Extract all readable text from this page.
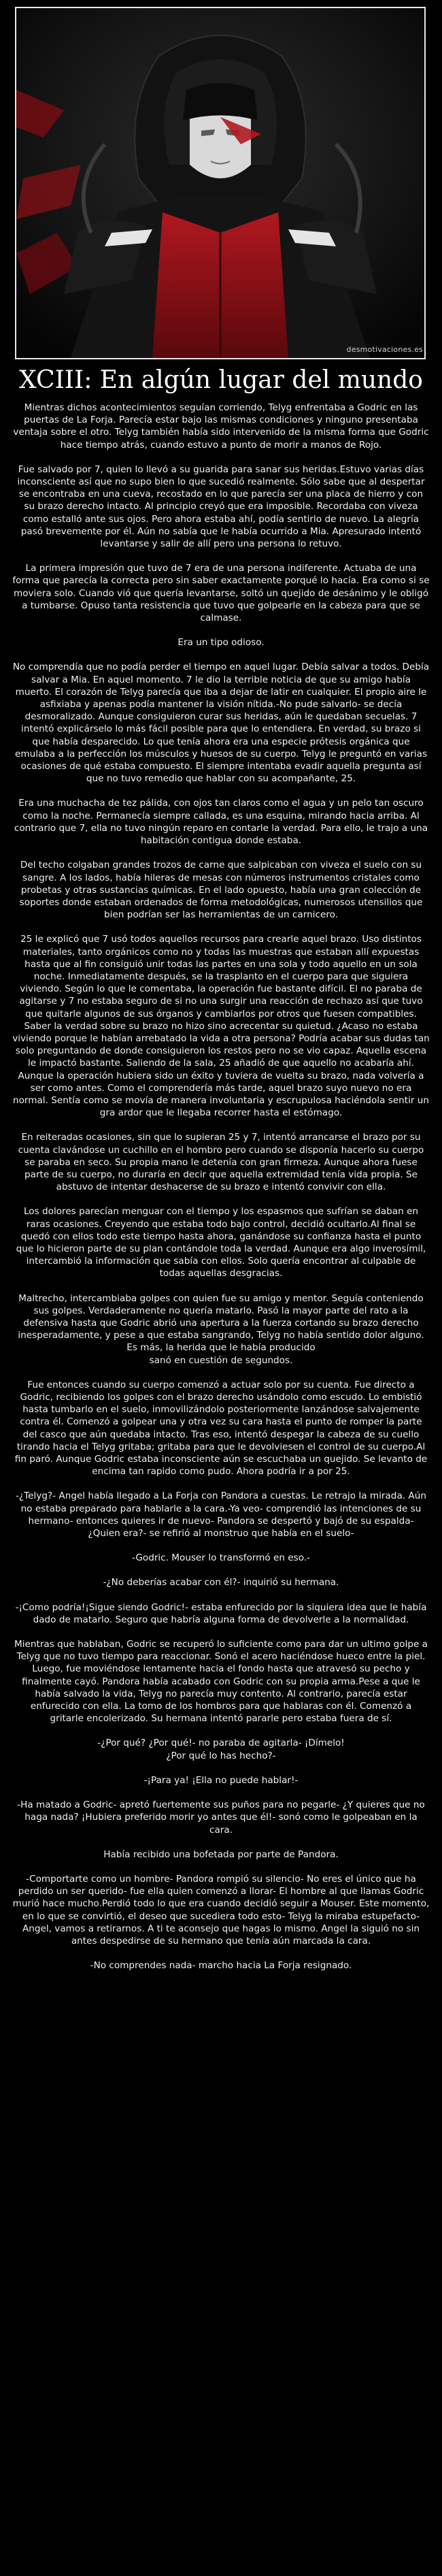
desmotivaciones.es
XCIII: En algún lugar del mundo

Mientras dichos acontecimientos seguían corriendo, Telyg enfrentaba a Godric en las puertas de La Forja. Parecía estar bajo las mismas condiciones y ninguno presentaba ventaja sobre el otro. Telyg también había sido intervenido de la misma forma que Godric hace tiempo atrás, cuando estuvo a punto de morir a manos de Rojo.

Fue salvado por 7, quien lo llevó a su guarida para sanar sus heridas.Estuvo varias días inconsciente así que no supo bien lo que sucedió realmente. Sólo sabe que al despertar se encontraba en una cueva, recostado en lo que parecía ser una placa de hierro y con su brazo derecho intacto. Al principio creyó que era imposible. Recordaba con viveza como estalló ante sus ojos. Pero ahora estaba ahí, podía sentirlo de nuevo. La alegría pasó brevemente por él. Aún no sabía que le había ocurrido a Mia. Apresurado intentó levantarse y salir de allí pero una persona lo retuvo.

La primera impresión que tuvo de 7 era de una persona indiferente. Actuaba de una forma que parecía la correcta pero sin saber exactamente porqué lo hacía. Era como si se moviera solo. Cuando vió que quería levantarse, soltó un quejido de desánimo y le obligó a tumbarse. Opuso tanta resistencia que tuvo que golpearle en la cabeza para que se calmase.

Era un tipo odioso.

No comprendía que no podía perder el tiempo en aquel lugar. Debía salvar a todos. Debía salvar a Mia. En aquel momento. 7 le dio la terrible noticia de que su amigo había muerto. El corazón de Telyg parecía que iba a dejar de latir en cualquier. El propio aire le asfixiaba y apenas podía mantener la visión nítida.-No pude salvarlo- se decía desmoralizado. Aunque consiguieron curar sus heridas, aún le quedaban secuelas. 7 intentó explicárselo lo más fácil posible para que lo entendiera. En verdad, su brazo si que había desparecido. Lo que tenía ahora era una especie prótesis orgánica que emulaba a la perfección los músculos y huesos de su cuerpo. Telyg le preguntó en varias ocasiones de qué estaba compuesto. El siempre intentaba evadir aquella pregunta así que no tuvo remedio que hablar con su acompañante, 25.

Era una muchacha de tez pálida, con ojos tan claros como el agua y un pelo tan oscuro como la noche. Permanecía siempre callada, es una esquina, mirando hacia arriba. Al contrario que 7, ella no tuvo ningún reparo en contarle la verdad. Para ello, le trajo a una habitación contigua donde estaba.

Del techo colgaban grandes trozos de carne que salpicaban con viveza el suelo con su sangre. A los lados, había hileras de mesas con números instrumentos cristales como probetas y otras sustancias químicas. En el lado opuesto, había una gran colección de soportes donde estaban ordenados de forma metodológicas, numerosos utensilios que bien podrían ser las herramientas de un carnicero.

25 le explicó que 7 usó todos aquellos recursos para crearle aquel brazo. Uso distintos materiales, tanto orgánicos como no y todas las muestras que estaban allí expuestas hasta que al fin consiguió unir todas las partes en una sola y todo aquello en un sola noche. Inmediatamente después, se la trasplanto en el cuerpo para que siguiera viviendo. Según lo que le comentaba, la operación fue bastante difícil. El no paraba de agitarse y 7 no estaba seguro de si no una surgir una reacción de rechazo así que tuvo que quitarle algunos de sus órganos y cambiarlos por otros que fuesen compatibles. Saber la verdad sobre su brazo no hizo sino acrecentar su quietud. ¿Acaso no estaba viviendo porque le habían arrebatado la vida a otra persona? Podría acabar sus dudas tan solo preguntando de donde consiguieron los restos pero no se vio capaz. Aquella escena le impactó bastante. Saliendo de la sala, 25 añadió de que aquello no acabaría ahí. Aunque la operación hubiera sido un éxito y tuviera de vuelta su brazo, nada volvería a ser como antes. Como el comprendería más tarde, aquel brazo suyo nuevo no era normal. Sentía como se movía de manera involuntaria y escrupulosa haciéndola sentir un gra ardor que le llegaba recorrer hasta el estómago.

En reiteradas ocasiones, sin que lo supieran 25 y 7, intentó arrancarse el brazo por su cuenta clavándose un cuchillo en el hombro pero cuando se disponía hacerlo su cuerpo se paraba en seco. Su propia mano le detenía con gran firmeza. Aunque ahora fuese parte de su cuerpo, no duraría en decir que aquella extremidad tenía vida propia. Se abstuvo de intentar deshacerse de su brazo e intentó convivir con ella.

Los dolores parecían menguar con el tiempo y los espasmos que sufrían se daban en raras ocasiones. Creyendo que estaba todo bajo control, decidió ocultarlo.Al final se quedó con ellos todo este tiempo hasta ahora, ganándose su confianza hasta el punto que lo hicieron parte de su plan contándole toda la verdad. Aunque era algo inverosímil, intercambió la información que sabía con ellos. Solo quería encontrar al culpable de todas aquellas desgracias.

Maltrecho, intercambiaba golpes con quien fue su amigo y mentor. Seguía conteniendo sus golpes. Verdaderamente no quería matarlo. Pasó la mayor parte del rato a la defensiva hasta que Godric abrió una apertura a la fuerza cortando su brazo derecho inesperadamente, y pese a que estaba sangrando, Telyg no había sentido dolor alguno. Es más, la herida que le había producido
sanó en cuestión de segundos.

Fue entonces cuando su cuerpo comenzó a actuar solo por su cuenta. Fue directo a Godric, recibiendo los golpes con el brazo derecho usándolo como escudo. Lo embistió hasta tumbarlo en el suelo, inmovilizándolo posteriormente lanzándose salvajemente contra él. Comenzó a golpear una y otra vez su cara hasta el punto de romper la parte del casco que aún quedaba intacto. Tras eso, intentó despegar la cabeza de su cuello tirando hacia el Telyg gritaba; gritaba para que le devolviesen el control de su cuerpo.Al fin paró. Aunque Godric estaba inconsciente aún se escuchaba un quejido. Se levanto de encima tan rapido como pudo. Ahora podría ir a por 25.

-¿Telyg?- Angel había llegado a La Forja con Pandora a cuestas. Le retrajo la mirada. Aún no estaba preparado para hablarle a la cara.-Ya veo- comprendió las intenciones de su hermano- entonces quieres ir de nuevo- Pandora se despertó y bajó de su espalda- ¿Quien era?- se refirió al monstruo que había en el suelo-

-Godric. Mouser lo transformó en eso.-

-¿No deberías acabar con él?- inquirió su hermana.

-¡Como podría!¡Sigue siendo Godric!- estaba enfurecido por la siquiera idea que le había dado de matarlo. Seguro que habría alguna forma de devolverle a la normalidad.

Mientras que hablaban, Godric se recuperó lo suficiente como para dar un ultimo golpe a Telyg que no tuvo tiempo para reaccionar. Sonó el acero haciéndose hueco entre la piel. Luego, fue moviéndose lentamente hacia el fondo hasta que atravesó su pecho y finalmente cayó. Pandora había acabado con Godric con su propia arma.Pese a que le había salvado la vida, Telyg no parecía muy contento. Al contrario, parecía estar enfurecido con ella. La tomo de los hombros para que hablaras con él. Comenzó a gritarle encolerizado. Su hermana intentó pararle pero estaba fuera de sí.

-¿Por qué? ¿Por qué!- no paraba de agitarla- ¡Dímelo!
¿Por qué lo has hecho?-

-¡Para ya! ¡Ella no puede hablar!-

-Ha matado a Godric- apretó fuertemente sus puños para no pegarle- ¿Y quieres que no haga nada? ¡Hubiera preferido morir yo antes que él!- sonó como le golpeaban en la cara.

Había recibido una bofetada por parte de Pandora.

-Comportarte como un hombre- Pandora rompió su silencio- No eres el único que ha perdido un ser querido- fue ella quien comenzó a llorar- El hombre al que llamas Godric murió hace mucho.Perdió todo lo que era cuando decidió seguir a Mouser. Este momento, en lo que se convirtió, el deseo que sucediera todo esto- Telyg la miraba estupefacto- Angel, vamos a retirarnos. A ti te aconsejo que hagas lo mismo. Angel la siguió no sin antes despedirse de su hermano que tenía aún marcada la cara.

-No comprendes nada- marcho hacia La Forja resignado.
